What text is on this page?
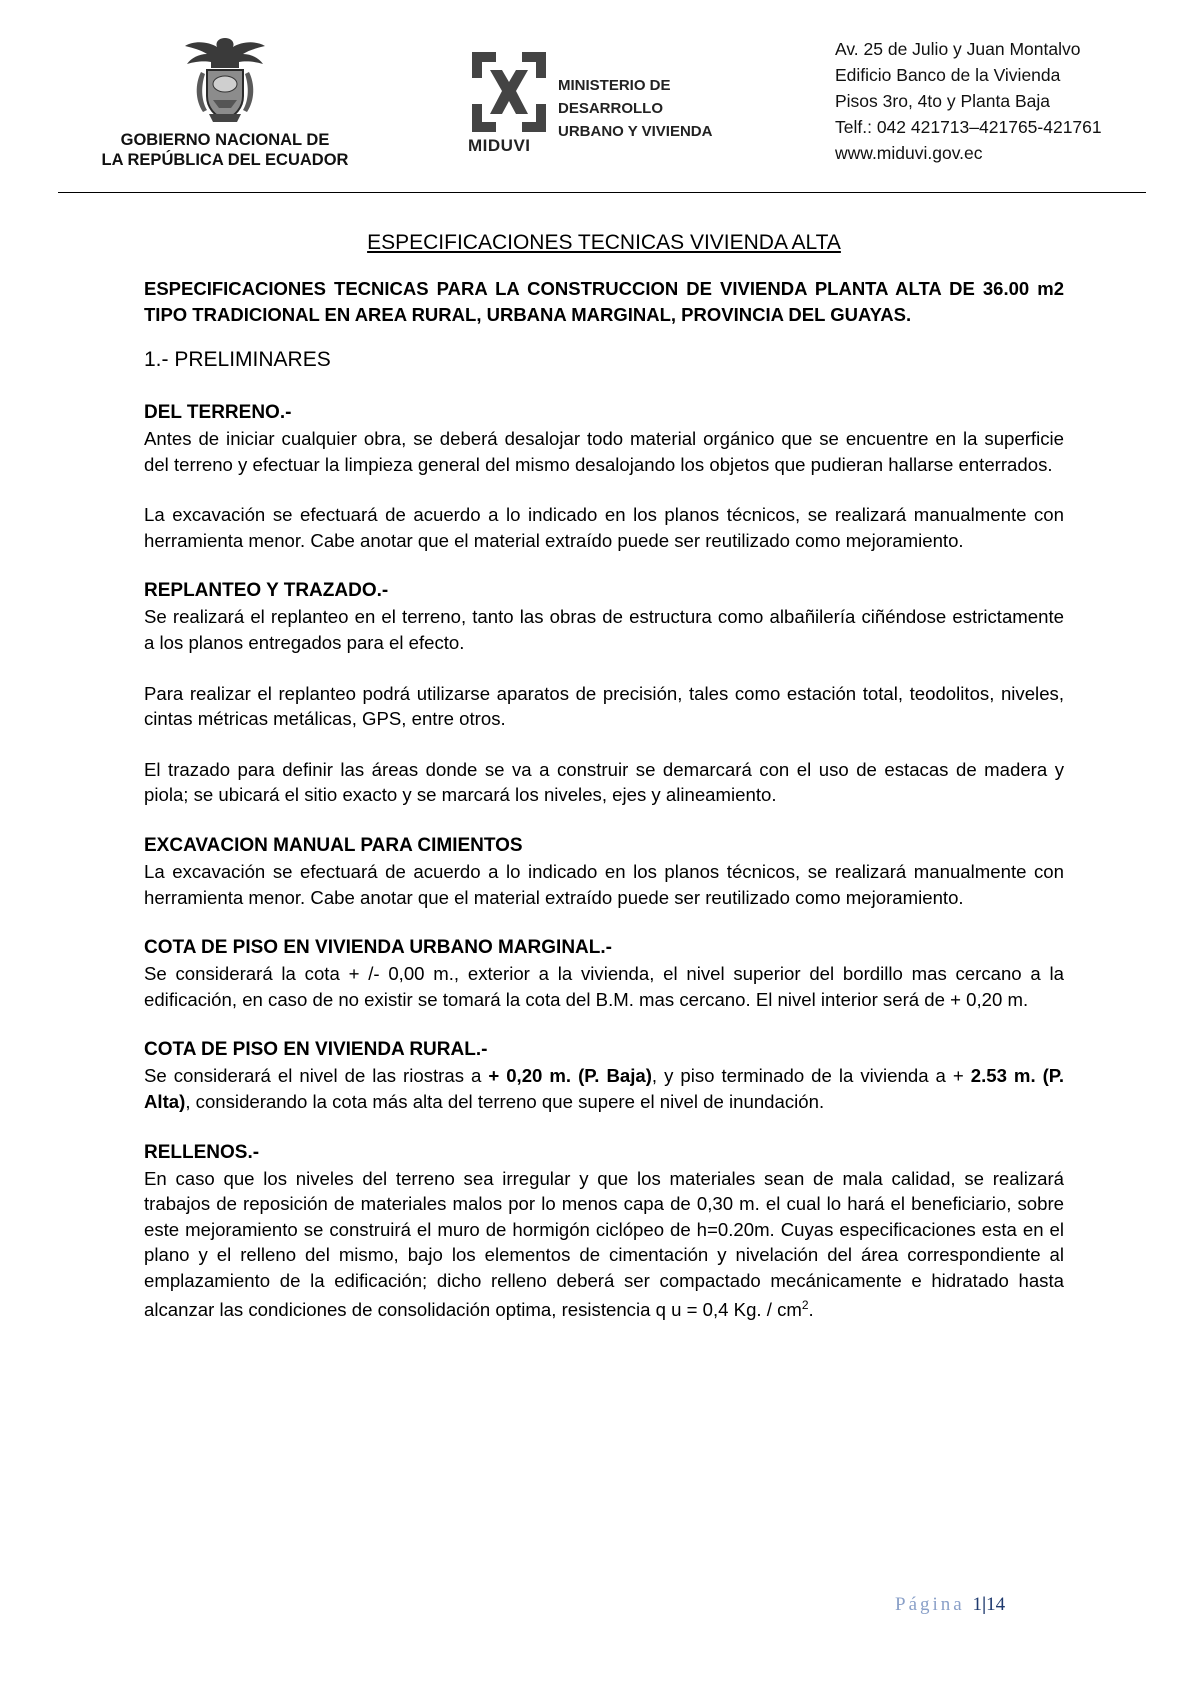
GOBIERNO NACIONAL DE
LA REPÚBLICA DEL ECUADOR
MIDUVI
MINISTERIO DE
DESARROLLO
URBANO Y VIVIENDA
Av. 25 de Julio y Juan Montalvo
Edificio Banco de la Vivienda
Pisos 3ro, 4to y Planta Baja
Telf.: 042 421713–421765-421761
www.miduvi.gov.ec
ESPECIFICACIONES TECNICAS VIVIENDA ALTA

ESPECIFICACIONES TECNICAS PARA LA CONSTRUCCION DE VIVIENDA PLANTA ALTA DE 36.00 m2 TIPO TRADICIONAL EN AREA RURAL, URBANA MARGINAL, PROVINCIA DEL GUAYAS.

1.- PRELIMINARES

DEL TERRENO.-

Antes de iniciar cualquier obra, se deberá desalojar todo material orgánico que se encuentre en la superficie del terreno y efectuar la limpieza general del mismo desalojando los objetos que pudieran hallarse enterrados.

La excavación se efectuará de acuerdo a lo indicado en los planos técnicos, se realizará manualmente con herramienta menor. Cabe anotar que el material extraído puede ser reutilizado como mejoramiento.

REPLANTEO Y TRAZADO.-

Se realizará el replanteo en el terreno, tanto las obras de estructura como albañilería ciñéndose estrictamente a los planos entregados para el efecto.

Para realizar el replanteo podrá utilizarse aparatos de precisión, tales como estación total, teodolitos, niveles, cintas métricas metálicas, GPS, entre otros.

El trazado para definir las áreas donde se va a construir se demarcará con el uso de estacas de madera y piola; se ubicará el sitio exacto y se marcará los niveles, ejes y alineamiento.

EXCAVACION MANUAL PARA CIMIENTOS

La excavación se efectuará de acuerdo a lo indicado en los planos técnicos, se realizará manualmente con herramienta menor. Cabe anotar que el material extraído puede ser reutilizado como mejoramiento.

COTA DE PISO EN VIVIENDA URBANO MARGINAL.-

Se considerará la cota + /- 0,00 m., exterior a la vivienda, el nivel superior del bordillo mas cercano a la edificación, en caso de no existir se tomará la cota del B.M. mas cercano. El nivel interior será de + 0,20 m.

COTA DE PISO EN VIVIENDA RURAL.-

Se considerará el nivel de las riostras a + 0,20 m. (P. Baja), y piso terminado de la vivienda a + 2.53 m. (P. Alta), considerando la cota más alta del terreno que supere el nivel de inundación.

RELLENOS.-

En caso que los niveles del terreno sea irregular y que los materiales sean de mala calidad, se realizará trabajos de reposición de materiales malos por lo menos capa de 0,30 m. el cual lo hará el beneficiario, sobre este mejoramiento se construirá el muro de hormigón ciclópeo de h=0.20m. Cuyas especificaciones esta en el plano y el relleno del mismo, bajo los elementos de cimentación y nivelación del área correspondiente al emplazamiento de la edificación; dicho relleno deberá ser compactado mecánicamente e hidratado hasta alcanzar las condiciones de consolidación optima, resistencia q u = 0,4 Kg. / $cm^2$.

Página 1|14
